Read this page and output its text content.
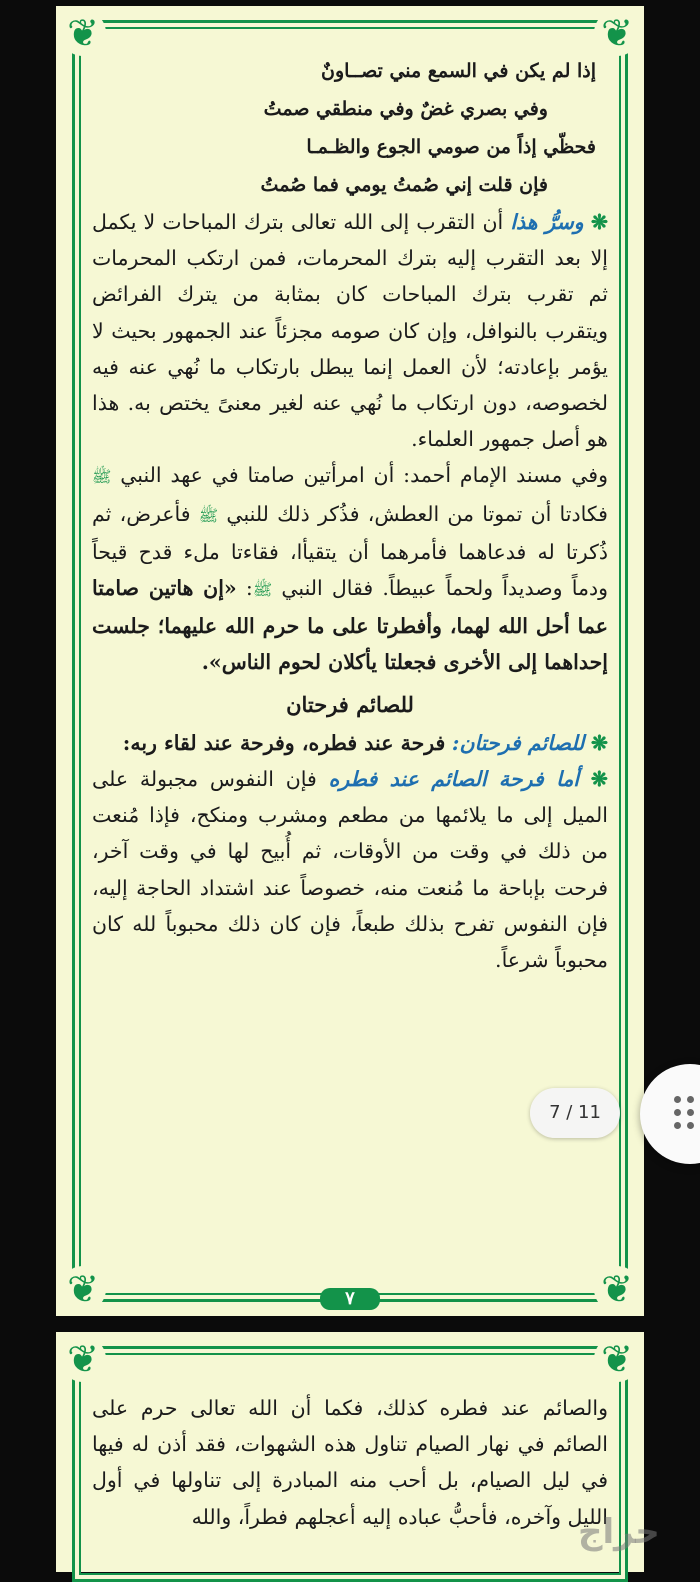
❦	❦
❦	❦

إذا لم يكن في السمع مني تصــاونٌ

وفي بصري غضٌ وفي منطقي صمتُ

فحظّي إذاً من صومي الجوع والظـمـا

فإن قلت إني صُمتُ يومي فما صُمتُ

❋ وسرُّ هذا أن التقرب إلى الله تعالى بترك المباحات لا يكمل إلا بعد التقرب إليه بترك المحرمات، فمن ارتكب المحرمات ثم تقرب بترك المباحات كان بمثابة من يترك الفرائض ويتقرب بالنوافل، وإن كان صومه مجزئاً عند الجمهور بحيث لا يؤمر بإعادته؛ لأن العمل إنما يبطل بارتكاب ما نُهي عنه فيه لخصوصه، دون ارتكاب ما نُهي عنه لغير معنىً يختص به. هذا هو أصل جمهور العلماء.

وفي مسند الإمام أحمد: أن امرأتين صامتا في عهد النبي ﷺ فكادتا أن تموتا من العطش، فذُكر ذلك للنبي ﷺ فأعرض، ثم ذُكرتا له فدعاهما فأمرهما أن يتقيأا، فقاءتا ملء قدح قيحاً ودماً وصديداً ولحماً عبيطاً. فقال النبي ﷺ: «إن هاتين صامتا عما أحل الله لهما، وأفطرتا على ما حرم الله عليهما؛ جلست إحداهما إلى الأخرى فجعلتا يأكلان لحوم الناس».

للصائم فرحتان

❋ للصائم فرحتان: فرحة عند فطره، وفرحة عند لقاء ربه:

❋ أما فرحة الصائم عند فطره فإن النفوس مجبولة على الميل إلى ما يلائمها من مطعم ومشرب ومنكح، فإذا مُنعت من ذلك في وقت من الأوقات، ثم أُبيح لها في وقت آخر، فرحت بإباحة ما مُنعت منه، خصوصاً عند اشتداد الحاجة إليه، فإن النفوس تفرح بذلك طبعاً، فإن كان ذلك محبوباً لله كان محبوباً شرعاً.

٧
❦	❦

والصائم عند فطره كذلك، فكما أن الله تعالى حرم على الصائم في نهار الصيام تناول هذه الشهوات، فقد أذن له فيها في ليل الصيام، بل أحب منه المبادرة إلى تناولها في أول الليل وآخره، فأحبُّ عباده إليه أعجلهم فطراً، والله

7 / 11
حراج
